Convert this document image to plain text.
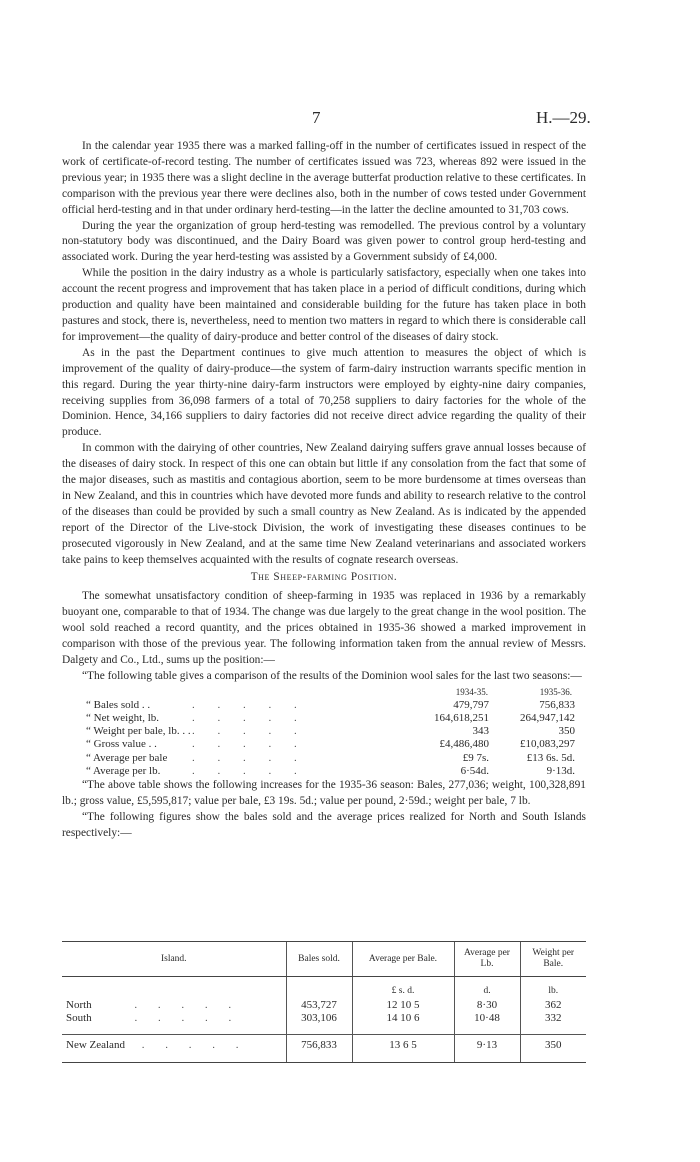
7	H.—29.

In the calendar year 1935 there was a marked falling-off in the number of certificates issued in respect of the work of certificate-of-record testing. The number of certificates issued was 723, whereas 892 were issued in the previous year; in 1935 there was a slight decline in the average butterfat production relative to these certificates. In comparison with the previous year there were declines also, both in the number of cows tested under Government official herd-testing and in that under ordinary herd-testing—in the latter the decline amounted to 31,703 cows.

During the year the organization of group herd-testing was remodelled. The previous control by a voluntary non-statutory body was discontinued, and the Dairy Board was given power to control group herd-testing and associated work. During the year herd-testing was assisted by a Government subsidy of £4,000.

While the position in the dairy industry as a whole is particularly satisfactory, especially when one takes into account the recent progress and improvement that has taken place in a period of difficult conditions, during which production and quality have been maintained and considerable building for the future has taken place in both pastures and stock, there is, nevertheless, need to mention two matters in regard to which there is considerable call for improvement—the quality of dairy-produce and better control of the diseases of dairy stock.

As in the past the Department continues to give much attention to measures the object of which is improvement of the quality of dairy-produce—the system of farm-dairy instruction warrants specific mention in this regard. During the year thirty-nine dairy-farm instructors were employed by eighty-nine dairy companies, receiving supplies from 36,098 farmers of a total of 70,258 suppliers to dairy factories for the whole of the Dominion. Hence, 34,166 suppliers to dairy factories did not receive direct advice regarding the quality of their produce.

In common with the dairying of other countries, New Zealand dairying suffers grave annual losses because of the diseases of dairy stock. In respect of this one can obtain but little if any consolation from the fact that some of the major diseases, such as mastitis and contagious abortion, seem to be more burdensome at times overseas than in New Zealand, and this in countries which have devoted more funds and ability to research relative to the control of the diseases than could be provided by such a small country as New Zealand. As is indicated by the appended report of the Director of the Live-stock Division, the work of investigating these diseases continues to be prosecuted vigorously in New Zealand, and at the same time New Zealand veterinarians and associated workers take pains to keep themselves acquainted with the results of cognate research overseas.

The Sheep-farming Position.

The somewhat unsatisfactory condition of sheep-farming in 1935 was replaced in 1936 by a remarkably buoyant one, comparable to that of 1934. The change was due largely to the great change in the wool position. The wool sold reached a record quantity, and the prices obtained in 1935-36 showed a marked improvement in comparison with those of the previous year. The following information taken from the annual review of Messrs. Dalgety and Co., Ltd., sums up the position:—

“The following table gives a comparison of the results of the Dominion wool sales for the last two seasons:—

1934-35.	1935-36.
“ Bales sold . .	. . . . .	479,797	756,833
“ Net weight, lb.	. . . . .	164,618,251	264,947,142
“ Weight per bale, lb. . . . . . . .	343	350
“ Gross value . .	. . . . .	£4,486,480	£10,083,297
“ Average per bale . . . . .	£9 7s.	£13 6s. 5d.
“ Average per lb.	. . . . .	6·54d.	9·13d.

“The above table shows the following increases for the 1935-36 season: Bales, 277,036; weight, 100,328,891 lb.; gross value, £5,595,817; value per bale, £3 19s. 5d.; value per pound, 2·59d.; weight per bale, 7 lb.

“The following figures show the bales sold and the average prices realized for North and South Islands respectively:—

Island.	Bales sold.	Average per Bale.	Average per Lb.	Weight per Bale.
		£ s. d.	d.	lb.
North . . . . .	453,727	12 10 5	8·30	362
South . . . . .	303,106	14 10 6	10·48	332

New Zealand . . . . .	756,833	13 6 5	9·13	350
